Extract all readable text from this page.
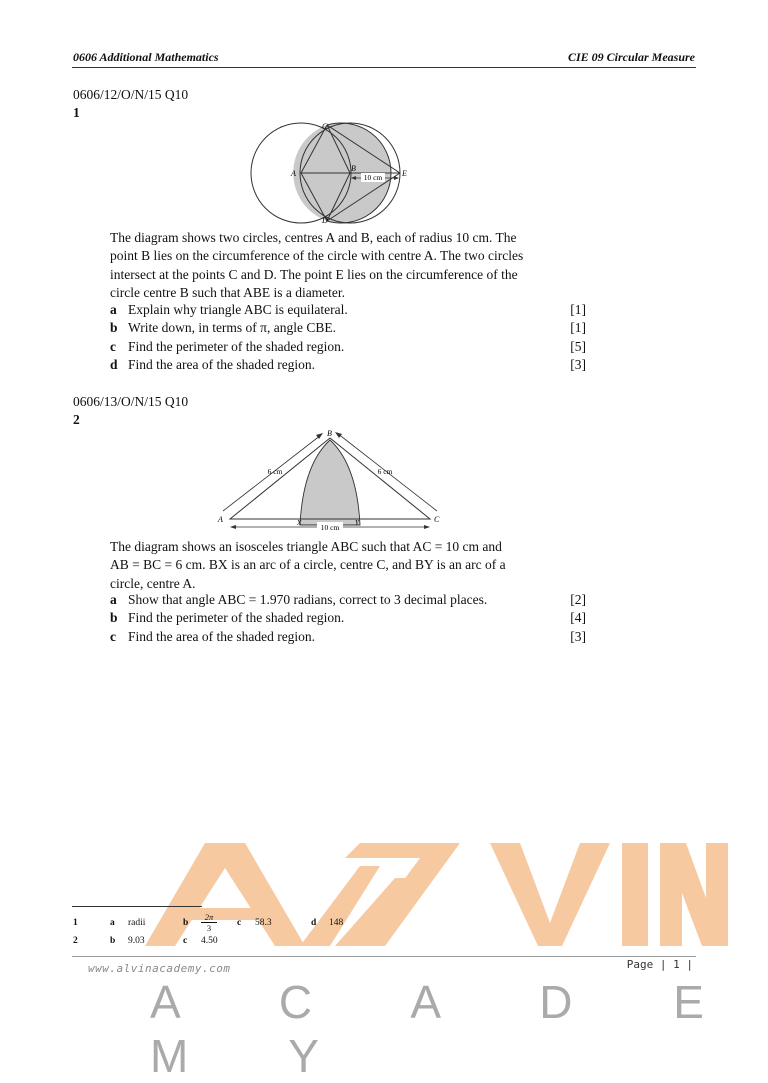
0606 Additional Mathematics	CIE 09 Circular Measure
0606/12/O/N/15 Q10
1
10 cm
A
B
C
D
E
The diagram shows two circles, centres A and B, each of radius 10 cm. The
point B lies on the circumference of the circle with centre A. The two circles
intersect at the points C and D. The point E lies on the circumference of the
circle centre B such that ABE is a diameter.
a Explain why triangle ABC is equilateral.	[1]
b Write down, in terms of π, angle CBE.	[1]
c Find the perimeter of the shaded region.	[5]
d Find the area of the shaded region.	[3]
0606/13/O/N/15 Q10
2
10 cm
6 cm	6 cm
A
B
C
X	Y
The diagram shows an isosceles triangle ABC such that AC = 10 cm and
AB = BC = 6 cm. BX is an arc of a circle, centre C, and BY is an arc of a
circle, centre A.
a Show that angle ABC = 1.970 radians, correct to 3 decimal places.	[2]
b Find the perimeter of the shaded region.	[4]
c Find the area of the shaded region.	[3]
1	a radii	b $\frac{2\pi}{3}$ c 58.3	d 148
2	b 9.03	c 4.50
www.alvinacademy.com	Page | 1 |
A C A D E M Y
